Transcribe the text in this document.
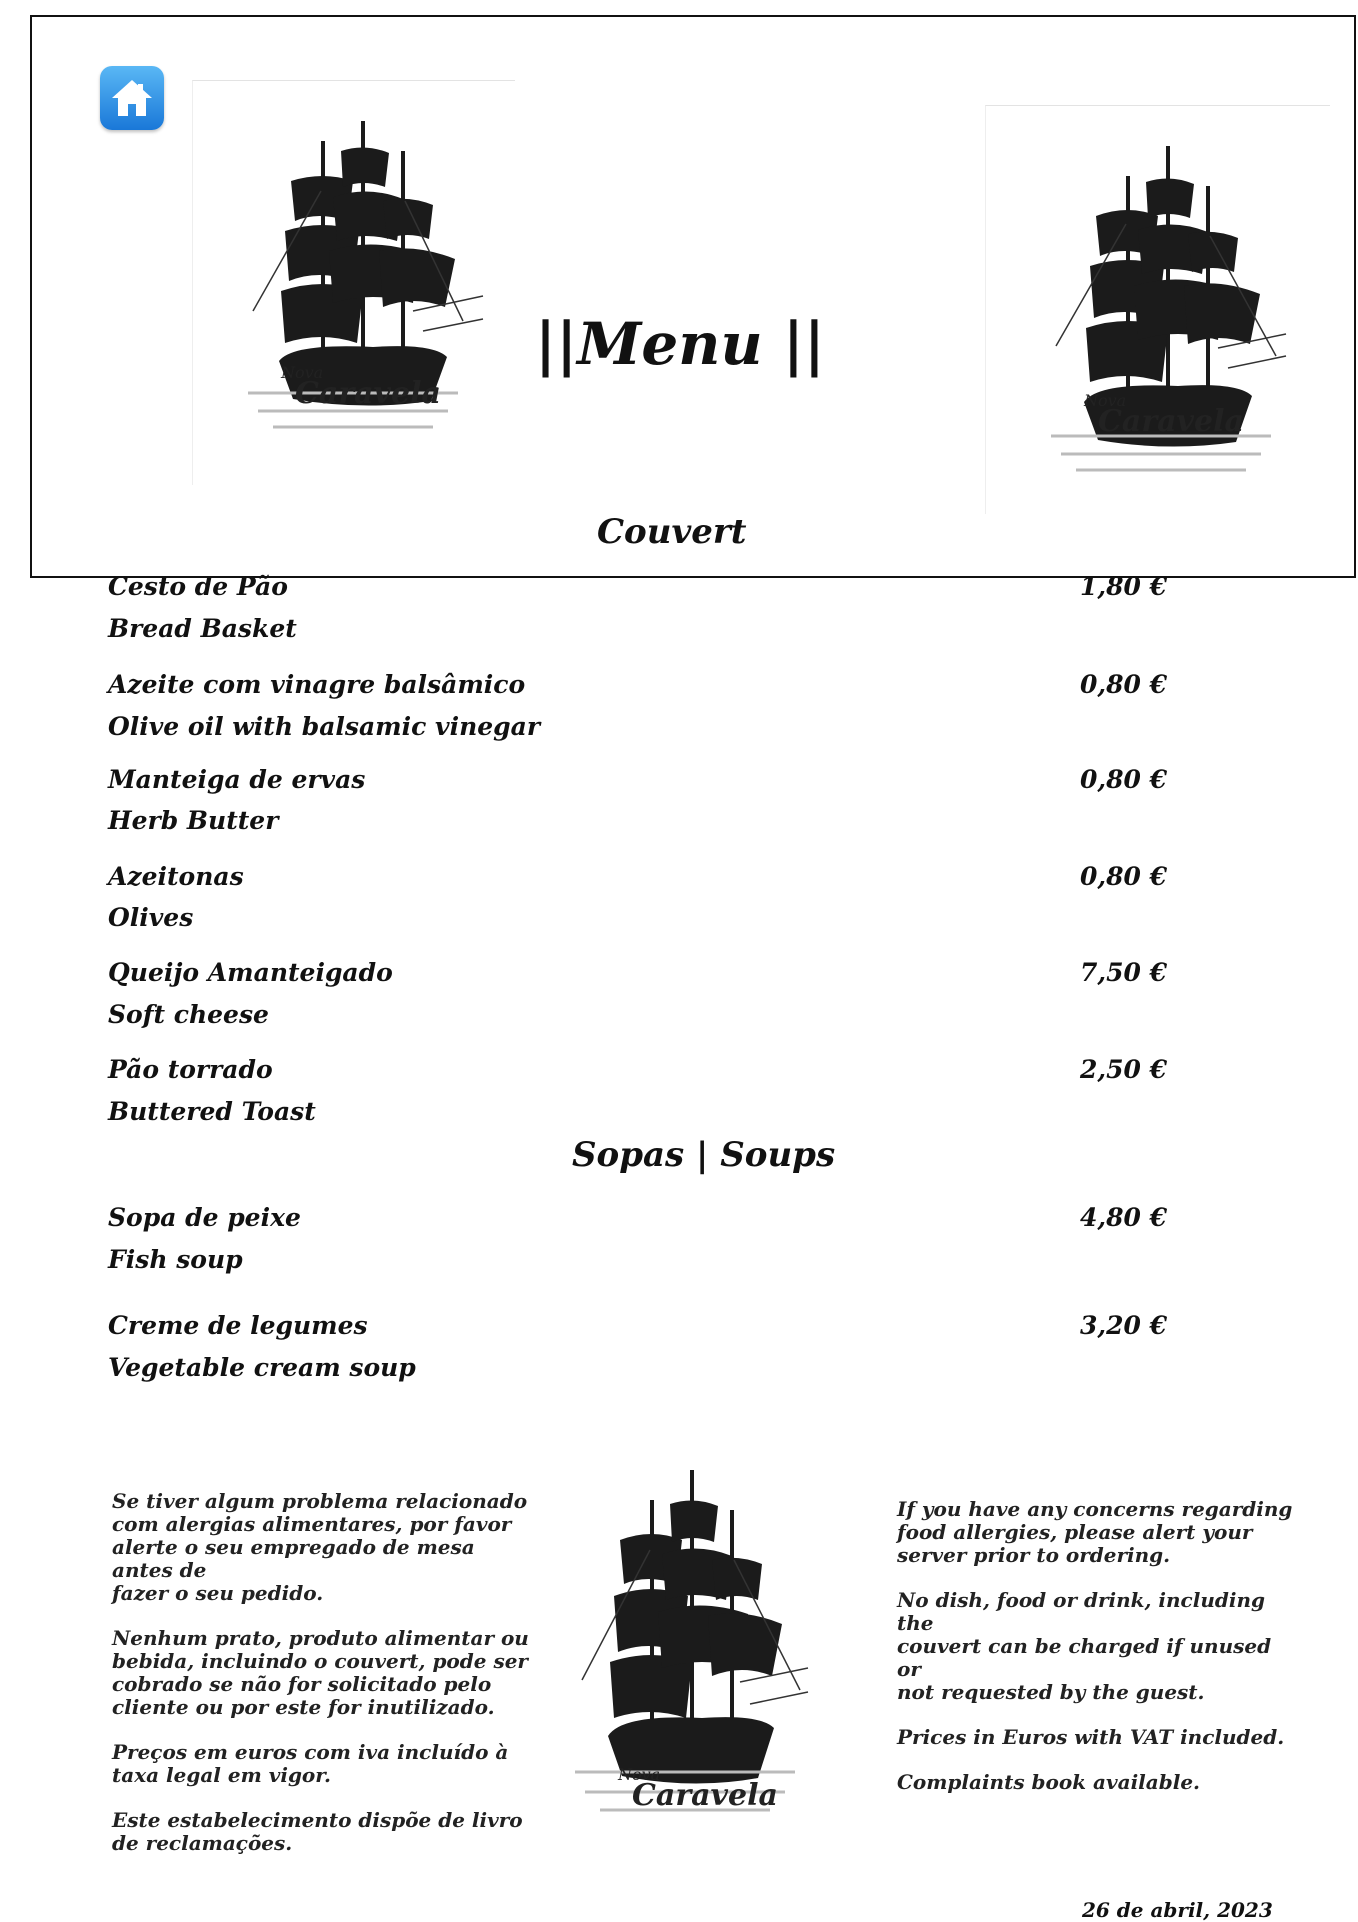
Nova
Caravela	Nova
Caravela
||Menu ||
Couvert
Cesto de Pão	1,80 €
Bread Basket
Azeite com vinagre balsâmico	0,80 €
Olive oil with balsamic vinegar
Manteiga de ervas	0,80 €
Herb Butter
Azeitonas	0,80 €
Olives
Queijo Amanteigado	7,50 €
Soft cheese
Pão torrado	2,50 €
Buttered Toast
Sopas | Soups
Sopa de peixe	4,80 €
Fish soup
Creme de legumes	3,20 €
Vegetable cream soup

Se tiver algum problema relacionado
com alergias alimentares, por favor
alerte o seu empregado de mesa antes de
fazer o seu pedido.

Nenhum prato, produto alimentar ou
bebida, incluindo o couvert, pode ser
cobrado se não for solicitado pelo
cliente ou por este for inutilizado.

Preços em euros com iva incluído à
taxa legal em vigor.

Este estabelecimento dispõe de livro
de reclamações.

Nova
Caravela

If you have any concerns regarding
food allergies, please alert your
server prior to ordering.

No dish, food or drink, including the
couvert can be charged if unused or
not requested by the guest.

Prices in Euros with VAT included.

Complaints book available.

26 de abril, 2023
